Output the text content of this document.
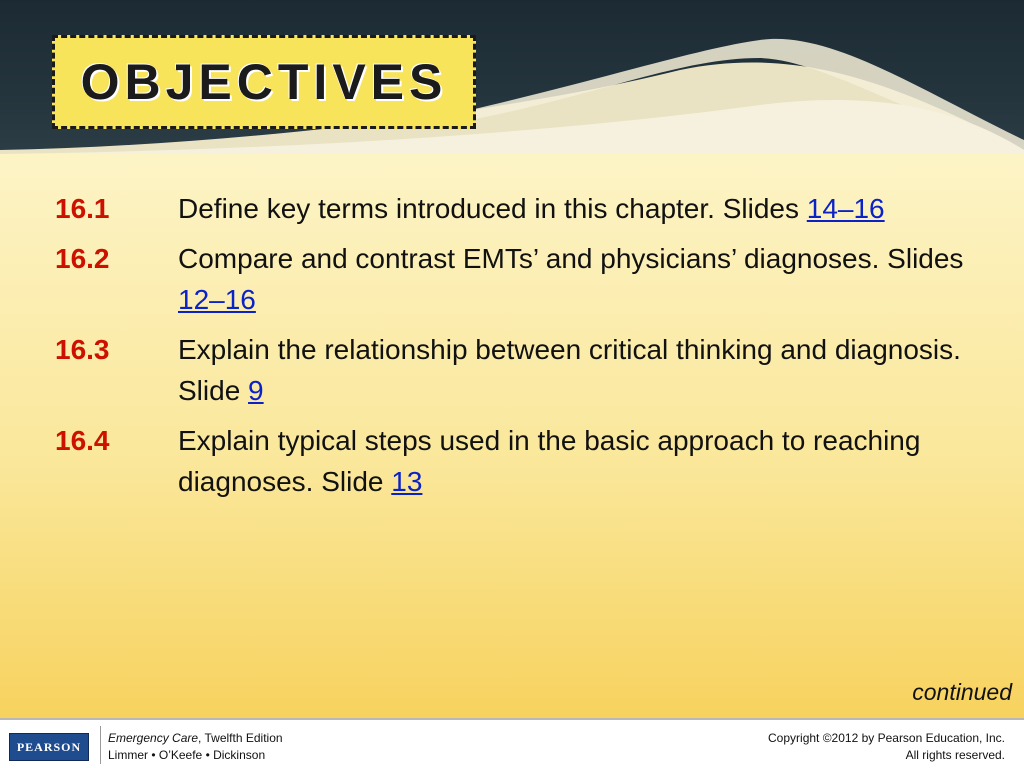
OBJECTIVES
16.1 Define key terms introduced in this chapter. Slides 14–16
16.2 Compare and contrast EMTs’ and physicians’ diagnoses. Slides 12–16
16.3 Explain the relationship between critical thinking and diagnosis. Slide 9
16.4 Explain typical steps used in the basic approach to reaching diagnoses. Slide 13
continued
PEARSON
Emergency Care, Twelfth Edition
Limmer • O’Keefe • Dickinson
Copyright ©2012 by Pearson Education, Inc.
All rights reserved.
